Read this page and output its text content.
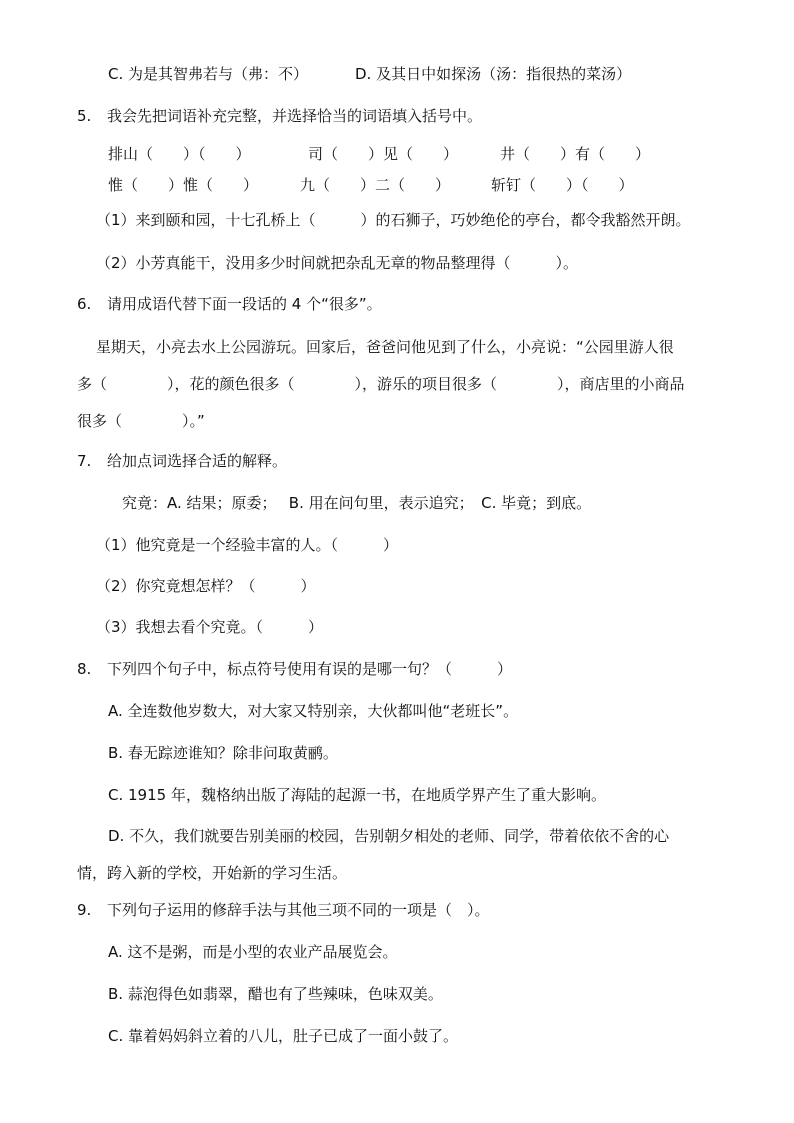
C. 为是其智弗若与（弗：不）	D. 及其日中如探汤（汤：指很热的菜汤）
5. 我会先把词语补充完整，并选择恰当的词语填入括号中。
排山（　　）（　　）	司（　　）见（　　）	井（　　）有（　　）
惟（　　）惟（　　）	九（　　）二（　　）	斩钉（　　）（　　）
（1）来到颐和园，十七孔桥上（　　　）的石狮子，巧妙绝伦的亭台，都令我豁然开朗。
（2）小芳真能干，没用多少时间就把杂乱无章的物品整理得（　　　）。
6. 请用成语代替下面一段话的 4 个“很多”。
星期天，小亮去水上公园游玩。回家后，爸爸问他见到了什么，小亮说：“公园里游人很
多（　　　　），花的颜色很多（　　　　），游乐的项目很多（　　　　），商店里的小商品
很多（　　　　）。”
7. 给加点词选择合适的解释。
究竟：A. 结果；原委；　 B. 用在问句里，表示追究；　C. 毕竟；到底。
（1）他究竟是一个经验丰富的人。（　　　）
（2）你究竟想怎样？（　　　）
（3）我想去看个究竟。（　　　）
8. 下列四个句子中，标点符号使用有误的是哪一句？（　　　）
A. 全连数他岁数大，对大家又特别亲，大伙都叫他“老班长”。
B. 春无踪迹谁知？除非问取黄鹂。
C. 1915 年，魏格纳出版了海陆的起源一书，在地质学界产生了重大影响。
D. 不久，我们就要告别美丽的校园，告别朝夕相处的老师、同学，带着依依不舍的心
情，跨入新的学校，开始新的学习生活。
9. 下列句子运用的修辞手法与其他三项不同的一项是（　）。
A. 这不是粥，而是小型的农业产品展览会。
B. 蒜泡得色如翡翠，醋也有了些辣味，色味双美。
C. 靠着妈妈斜立着的八儿，肚子已成了一面小鼓了。
